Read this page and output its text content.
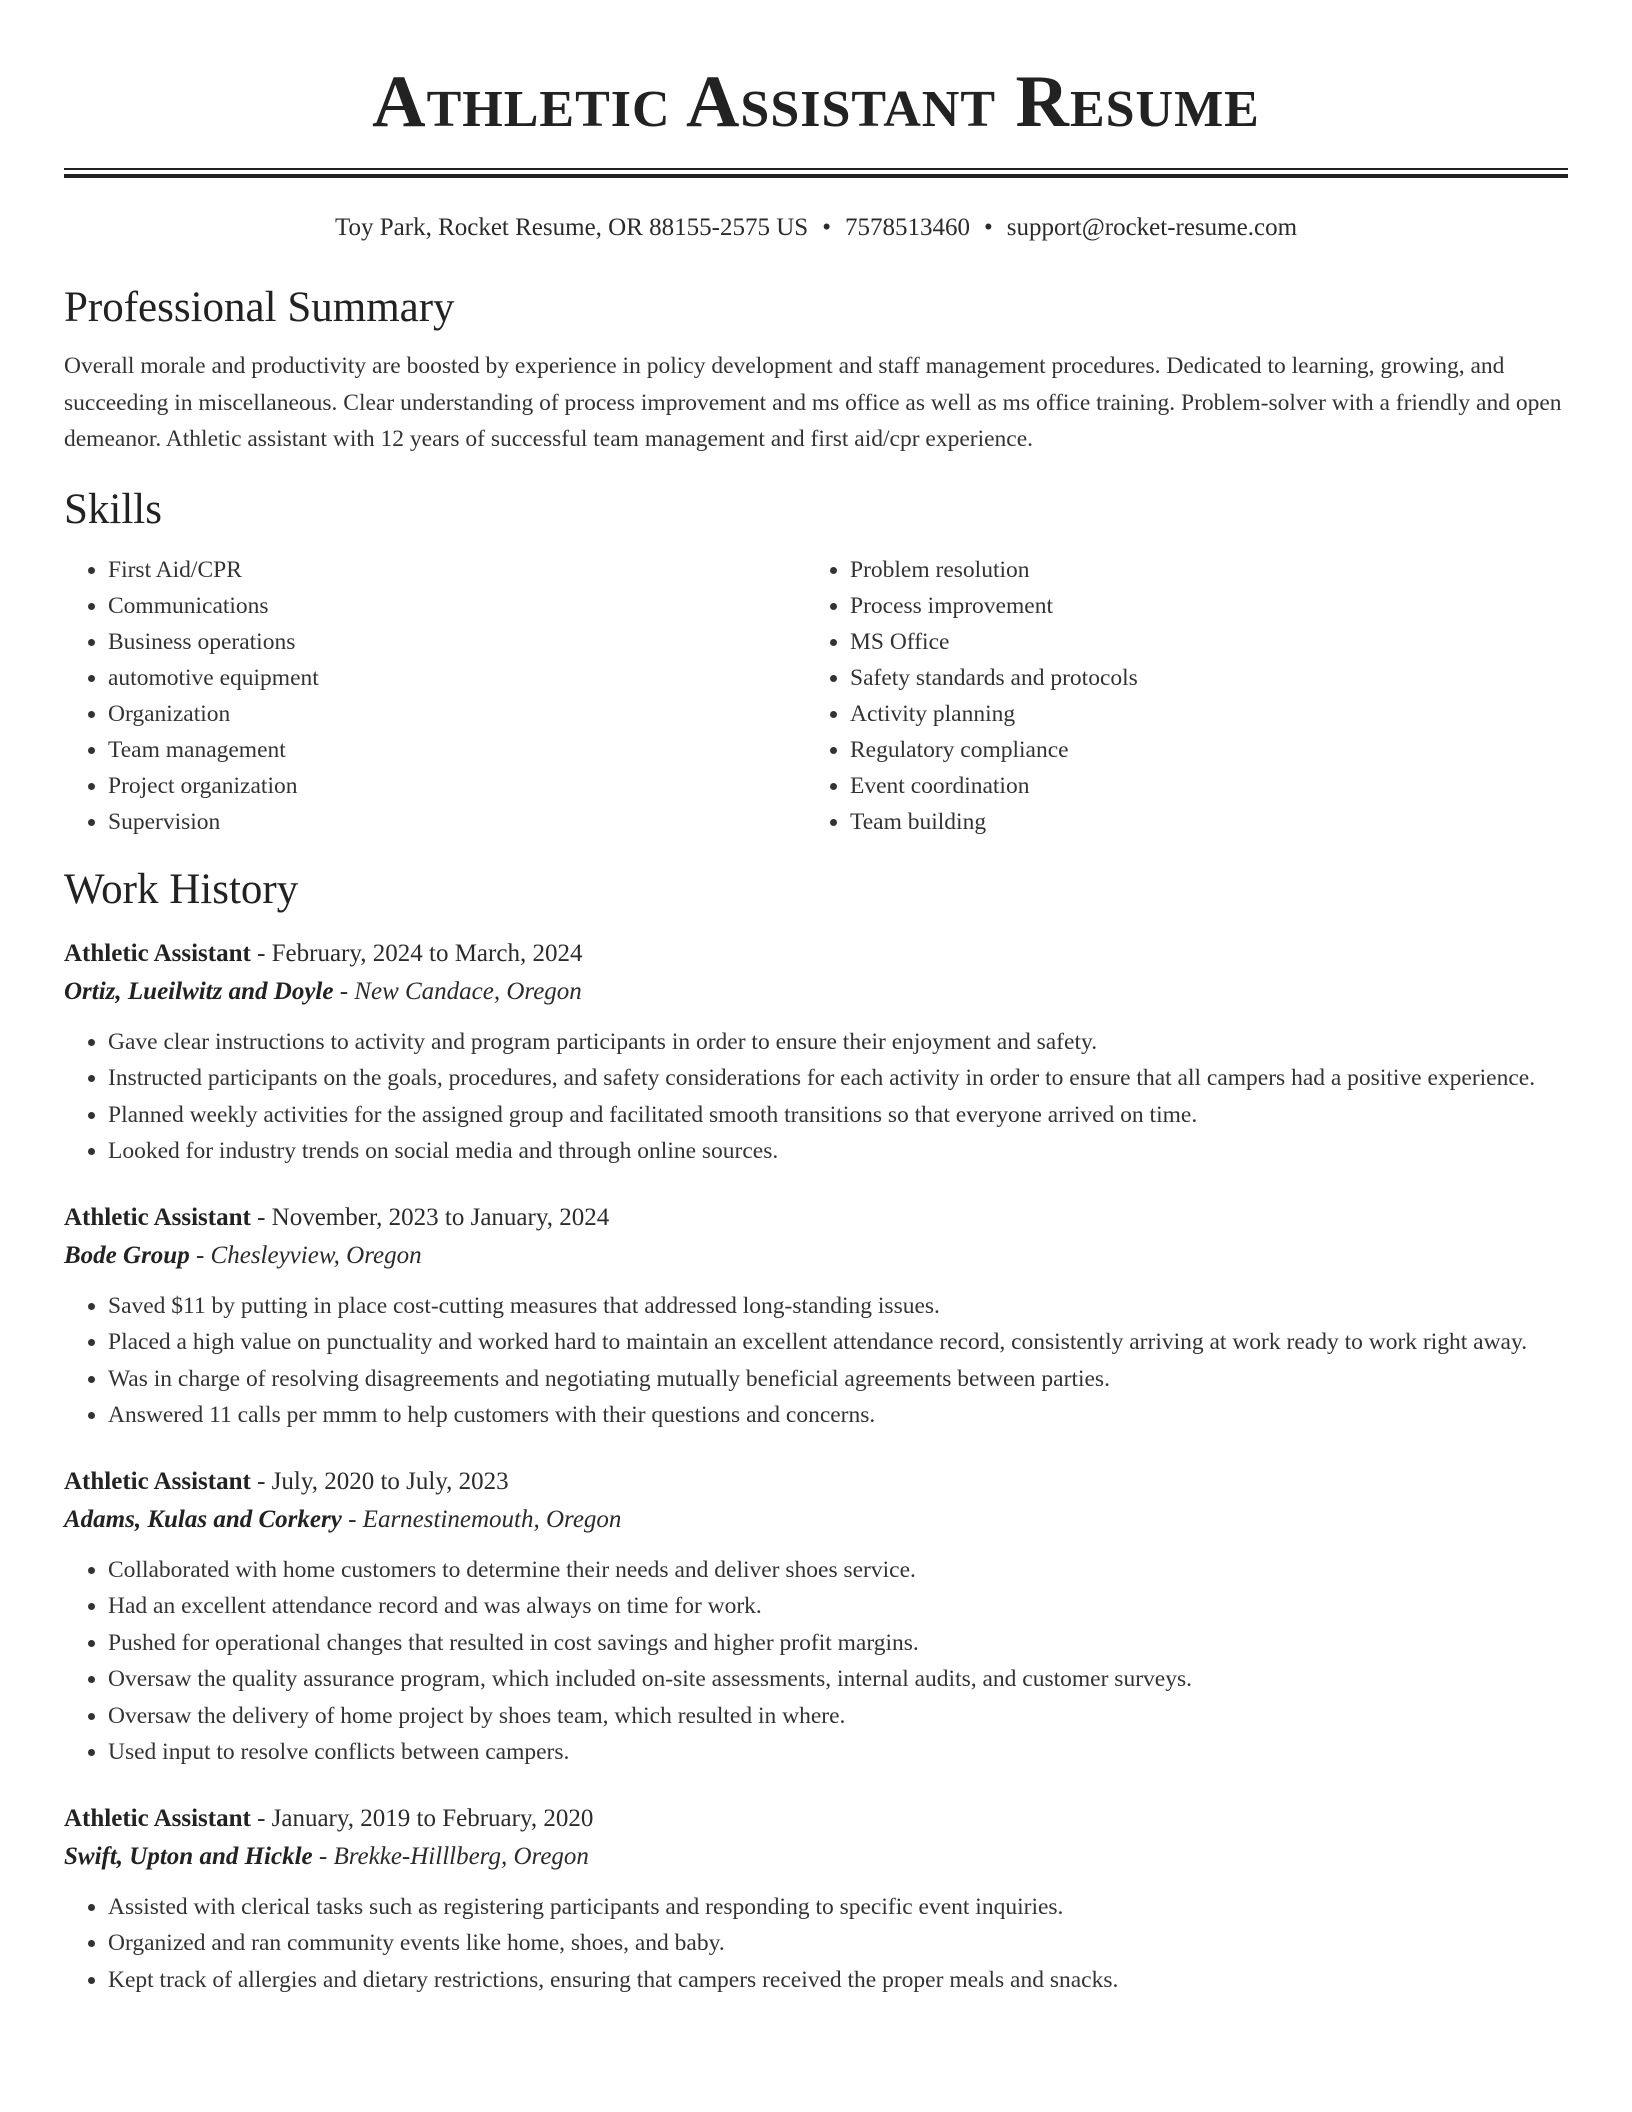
Athletic Assistant Resume
Toy Park, Rocket Resume, OR 88155-2575 US • 7578513460 • support@rocket-resume.com
Professional Summary

Overall morale and productivity are boosted by experience in policy development and staff management procedures. Dedicated to learning, growing, and succeeding in miscellaneous. Clear understanding of process improvement and ms office as well as ms office training. Problem-solver with a friendly and open demeanor. Athletic assistant with 12 years of successful team management and first aid/cpr experience.

Skills
• First Aid/CPR
• Communications
• Business operations
• automotive equipment
• Organization
• Team management
• Project organization
• Supervision
• Problem resolution
• Process improvement
• MS Office
• Safety standards and protocols
• Activity planning
• Regulatory compliance
• Event coordination
• Team building
Work History
Athletic Assistant - February, 2024 to March, 2024
Ortiz, Lueilwitz and Doyle - New Candace, Oregon
• Gave clear instructions to activity and program participants in order to ensure their enjoyment and safety.
• Instructed participants on the goals, procedures, and safety considerations for each activity in order to ensure that all campers had a positive experience.
• Planned weekly activities for the assigned group and facilitated smooth transitions so that everyone arrived on time.
• Looked for industry trends on social media and through online sources.
Athletic Assistant - November, 2023 to January, 2024
Bode Group - Chesleyview, Oregon
• Saved $11 by putting in place cost-cutting measures that addressed long-standing issues.
• Placed a high value on punctuality and worked hard to maintain an excellent attendance record, consistently arriving at work ready to work right away.
• Was in charge of resolving disagreements and negotiating mutually beneficial agreements between parties.
• Answered 11 calls per mmm to help customers with their questions and concerns.
Athletic Assistant - July, 2020 to July, 2023
Adams, Kulas and Corkery - Earnestinemouth, Oregon
• Collaborated with home customers to determine their needs and deliver shoes service.
• Had an excellent attendance record and was always on time for work.
• Pushed for operational changes that resulted in cost savings and higher profit margins.
• Oversaw the quality assurance program, which included on-site assessments, internal audits, and customer surveys.
• Oversaw the delivery of home project by shoes team, which resulted in where.
• Used input to resolve conflicts between campers.
Athletic Assistant - January, 2019 to February, 2020
Swift, Upton and Hickle - Brekke-Hilllberg, Oregon
• Assisted with clerical tasks such as registering participants and responding to specific event inquiries.
• Organized and ran community events like home, shoes, and baby.
• Kept track of allergies and dietary restrictions, ensuring that campers received the proper meals and snacks.
